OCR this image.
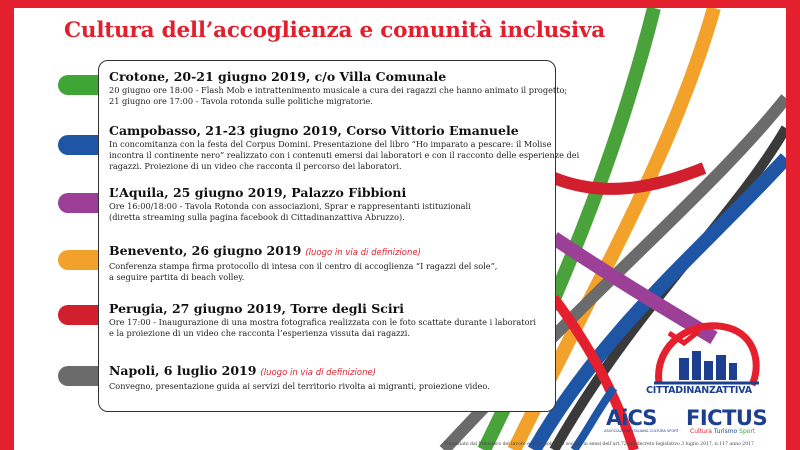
Cultura dell’accoglienza e comunità inclusiva
Crotone, 20-21 giugno 2019, c/o Villa Comunale
20 giugno ore 18:00 - Flash Mob e intrattenimento musicale a cura dei ragazzi che hanno animato il progetto;
21 giugno ore 17:00 - Tavola rotonda sulle politiche migratorie.
Campobasso, 21-23 giugno 2019, Corso Vittorio Emanuele
In concomitanza con la festa del Corpus Domini. Presentazione del libro “Ho imparato a pescare: il Molise
incontra il continente nero” realizzato con i contenuti emersi dai laboratori e con il racconto delle esperienze dei
ragazzi. Proiezione di un video che racconta il percorso dei laboratori.
L’Aquila, 25 giugno 2019, Palazzo Fibbioni
Ore 16:00/18:00 - Tavola Rotonda con associazioni, Sprar e rappresentanti istituzionali
(diretta streaming sulla pagina facebook di Cittadinanzattiva Abruzzo).
Benevento, 26 giugno 2019 (luogo in via di definizione)
Conferenza stampa firma protocollo di intesa con il centro di accoglienza “I ragazzi del sole”,
a seguire partita di beach volley.
Perugia, 27 giugno 2019, Torre degli Sciri
Ore 17:00 - Inaugurazione di una mostra fotografica realizzata con le foto scattate durante i laboratori
e la proiezione di un video che racconta l’esperienza vissuta dai ragazzi.
Napoli, 6 luglio 2019 (luogo in via di definizione)
Convegno, presentazione guida ai servizi del territorio rivolta ai migranti, proiezione video.	CITTADINANZATTIVA
AiCS
ASSOCIAZIONE ITALIANA CULTURA SPORT
FICTUS
Cultura Turismo Sport
Finanziato dal Ministero del lavoro e delle politiche sociali, ai sensi dell’art.72 del decreto legislativo 3 luglio 2017, n.117 anno 2017
